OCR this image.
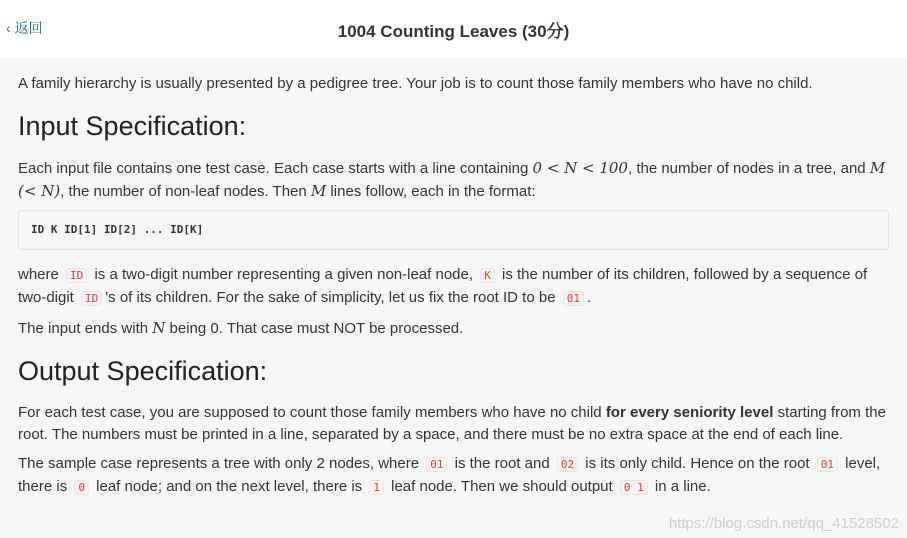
‹ 返回	1004 Counting Leaves (30分)

A family hierarchy is usually presented by a pedigree tree. Your job is to count those family members who have no child.

Input Specification:

Each input file contains one test case. Each case starts with a line containing 0 < N < 100, the number of nodes in a tree, and M (< N), the number of non-leaf nodes. Then M lines follow, each in the format:

ID K ID[1] ID[2] ... ID[K]

where ID is a two-digit number representing a given non-leaf node, K is the number of its children, followed by a sequence of two-digit ID 's of its children. For the sake of simplicity, let us fix the root ID to be 01 .

The input ends with N being 0. That case must NOT be processed.

Output Specification:

For each test case, you are supposed to count those family members who have no child for every seniority level starting from the root. The numbers must be printed in a line, separated by a space, and there must be no extra space at the end of each line.

The sample case represents a tree with only 2 nodes, where 01 is the root and 02 is its only child. Hence on the root 01 level, there is 0 leaf node; and on the next level, there is 1 leaf node. Then we should output 0 1 in a line.

https://blog.csdn.net/qq_41528502
